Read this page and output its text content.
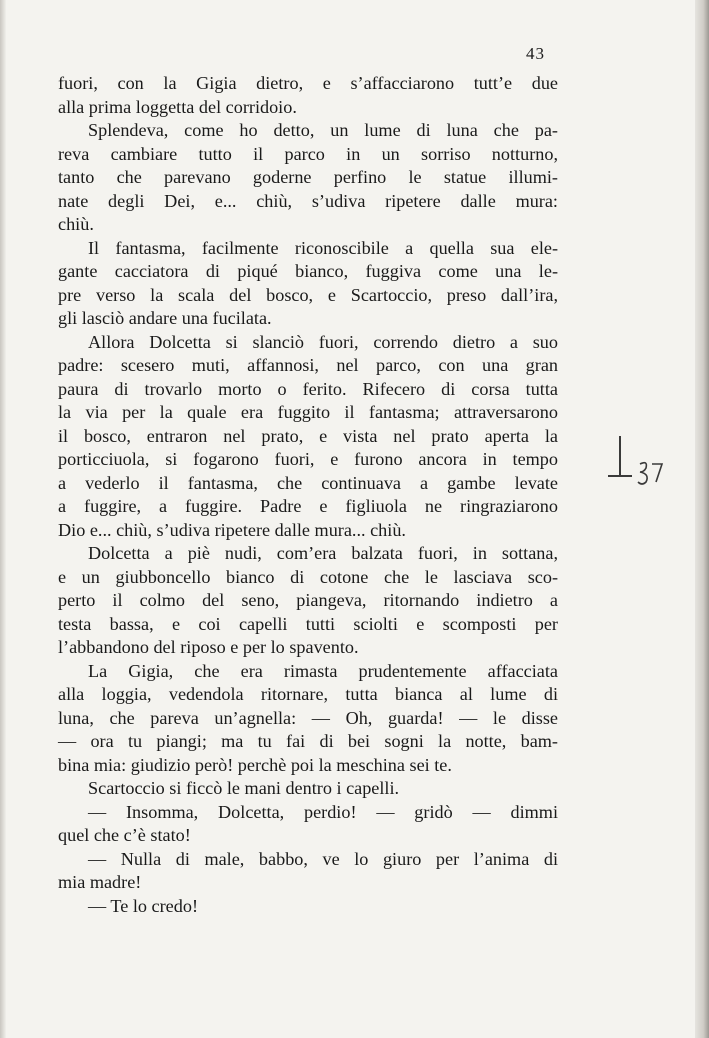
43
fuori, con la Gigia dietro, e s’affacciarono tutt’e due
alla prima loggetta del corridoio.
Splendeva, come ho detto, un lume di luna che pa-
reva cambiare tutto il parco in un sorriso notturno,
tanto che parevano goderne perfino le statue illumi-
nate degli Dei, e... chiù, s’udiva ripetere dalle mura:
chiù.
Il fantasma, facilmente riconoscibile a quella sua ele-
gante cacciatora di piqué bianco, fuggiva come una le-
pre verso la scala del bosco, e Scartoccio, preso dall’ira,
gli lasciò andare una fucilata.
Allora Dolcetta si slanciò fuori, correndo dietro a suo
padre: scesero muti, affannosi, nel parco, con una gran
paura di trovarlo morto o ferito. Rifecero di corsa tutta
la via per la quale era fuggito il fantasma; attraversarono
il bosco, entraron nel prato, e vista nel prato aperta la
porticciuola, si fogarono fuori, e furono ancora in tempo
a vederlo il fantasma, che continuava a gambe levate
a fuggire, a fuggire. Padre e figliuola ne ringraziarono
Dio e... chiù, s’udiva ripetere dalle mura... chiù.
Dolcetta a piè nudi, com’era balzata fuori, in sottana,
e un giubboncello bianco di cotone che le lasciava sco-
perto il colmo del seno, piangeva, ritornando indietro a
testa bassa, e coi capelli tutti sciolti e scomposti per
l’abbandono del riposo e per lo spavento.
La Gigia, che era rimasta prudentemente affacciata
alla loggia, vedendola ritornare, tutta bianca al lume di
luna, che pareva un’agnella: — Oh, guarda! — le disse
— ora tu piangi; ma tu fai di bei sogni la notte, bam-
bina mia: giudizio però! perchè poi la meschina sei te.
Scartoccio si ficcò le mani dentro i capelli.
— Insomma, Dolcetta, perdio! — gridò — dimmi
quel che c’è stato!
— Nulla di male, babbo, ve lo giuro per l’anima di
mia madre!
— Te lo credo!
